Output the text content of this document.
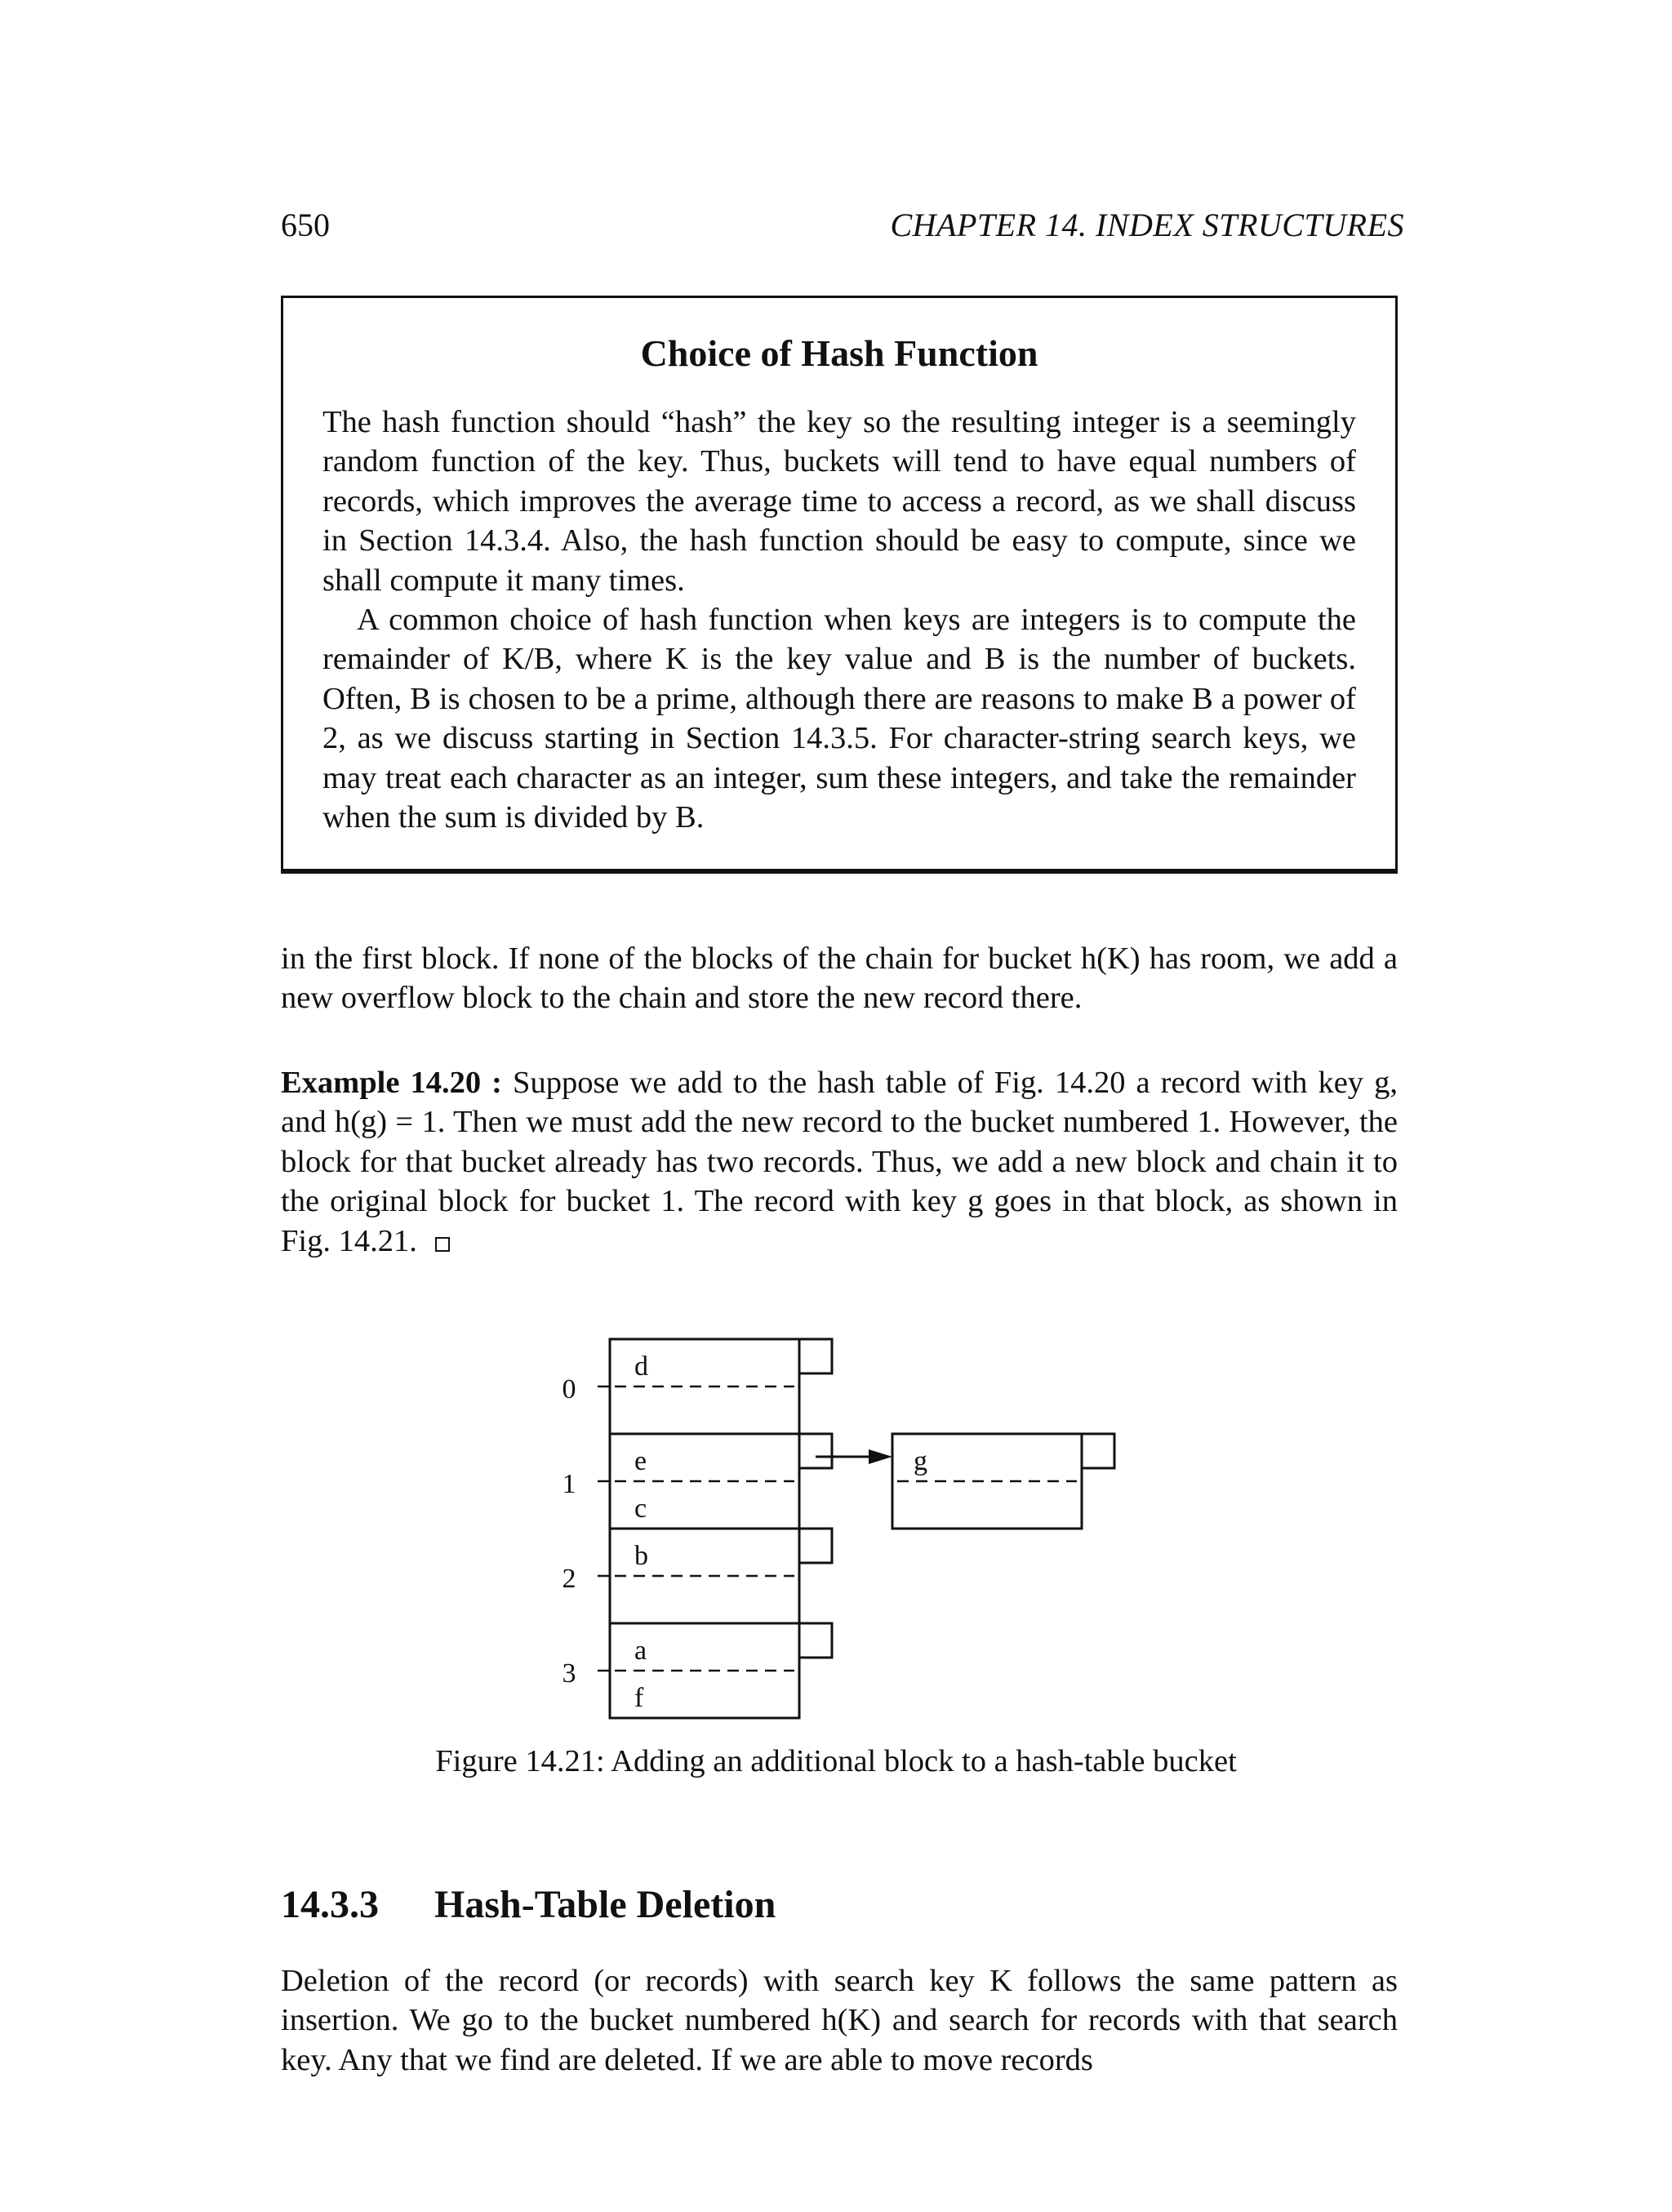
650	CHAPTER 14. INDEX STRUCTURES
Choice of Hash Function

The hash function should “hash” the key so the resulting integer is a seemingly random function of the key. Thus, buckets will tend to have equal numbers of records, which improves the average time to access a record, as we shall discuss in Section 14.3.4. Also, the hash function should be easy to compute, since we shall compute it many times.

A common choice of hash function when keys are integers is to compute the remainder of K/B, where K is the key value and B is the number of buckets. Often, B is chosen to be a prime, although there are reasons to make B a power of 2, as we discuss starting in Section 14.3.5. For character-string search keys, we may treat each character as an integer, sum these integers, and take the remainder when the sum is divided by B.

in the first block. If none of the blocks of the chain for bucket h(K) has room, we add a new overflow block to the chain and store the new record there.

Example 14.20 : Suppose we add to the hash table of Fig. 14.20 a record with key g, and h(g) = 1. Then we must add the new record to the bucket numbered 1. However, the block for that bucket already has two records. Thus, we add a new block and chain it to the original block for bucket 1. The record with key g goes in that block, as shown in Fig. 14.21.

0
1
2
3
d
e
c
b
a
f
g
Figure 14.21: Adding an additional block to a hash-table bucket
14.3.3 Hash-Table Deletion

Deletion of the record (or records) with search key K follows the same pattern as insertion. We go to the bucket numbered h(K) and search for records with that search key. Any that we find are deleted. If we are able to move records
